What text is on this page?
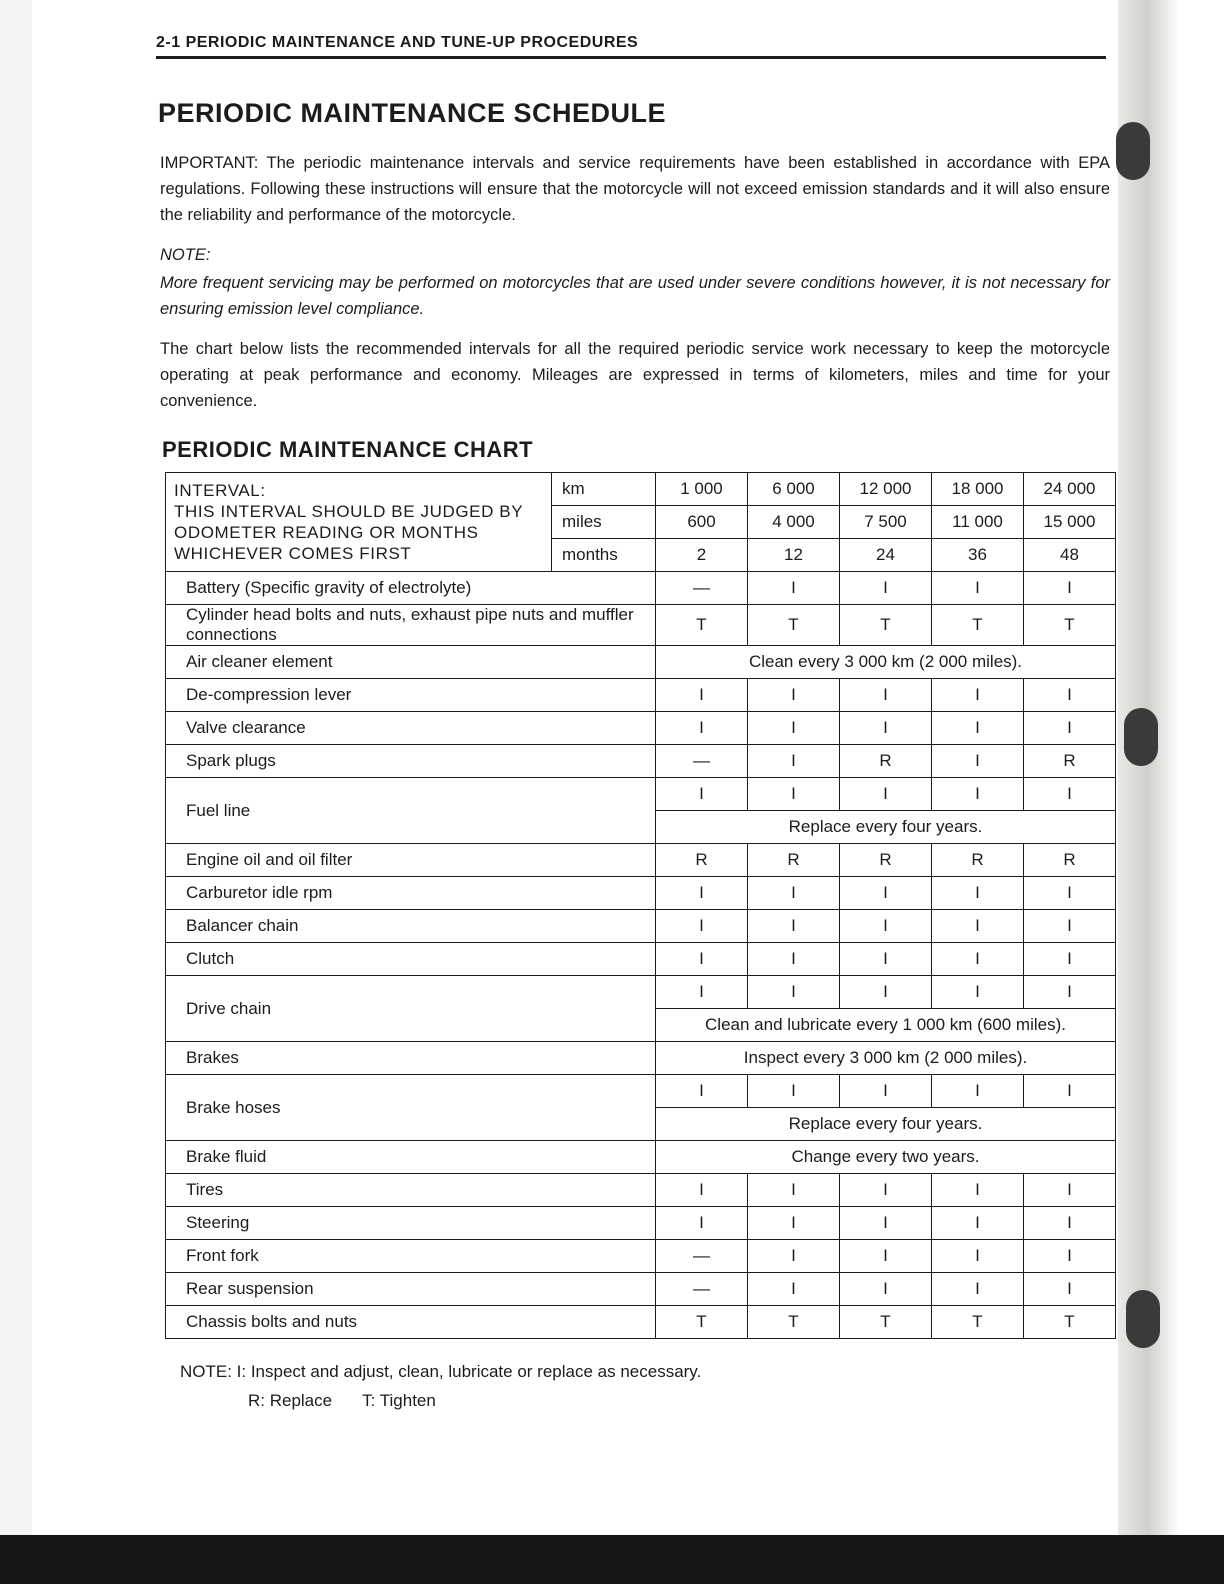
2-1 PERIODIC MAINTENANCE AND TUNE-UP PROCEDURES
PERIODIC MAINTENANCE SCHEDULE
IMPORTANT: The periodic maintenance intervals and service requirements have been established in accordance with EPA regulations. Following these instructions will ensure that the motorcycle will not exceed emission standards and it will also ensure the reliability and performance of the motorcycle.
NOTE:
More frequent servicing may be performed on motorcycles that are used under severe conditions however, it is not necessary for ensuring emission level compliance.
The chart below lists the recommended intervals for all the required periodic service work necessary to keep the motorcycle operating at peak performance and economy. Mileages are expressed in terms of kilometers, miles and time for your convenience.
PERIODIC MAINTENANCE CHART
INTERVAL:
THIS INTERVAL SHOULD BE JUDGED BY ODOMETER READING OR MONTHS WHICHEVER COMES FIRST	km	1 000	6 000	12 000	18 000	24 000
	miles	600	4 000	7 500	11 000	15 000
	months	2	12	24	36	48
Battery (Specific gravity of electrolyte)		—	I	I	I	I
Cylinder head bolts and nuts, exhaust pipe nuts and muffler connections		T	T	T	T	T
Air cleaner element		Clean every 3 000 km (2 000 miles).				
De-compression lever		I	I	I	I	I
Valve clearance		I	I	I	I	I
Spark plugs		—	I	R	I	R
Fuel line		I	I	I	I	I
		Replace every four years.				
Engine oil and oil filter		R	R	R	R	R
Carburetor idle rpm		I	I	I	I	I
Balancer chain		I	I	I	I	I
Clutch		I	I	I	I	I
Drive chain		I	I	I	I	I
		Clean and lubricate every 1 000 km (600 miles).				
Brakes		Inspect every 3 000 km (2 000 miles).				
Brake hoses		I	I	I	I	I
		Replace every four years.				
Brake fluid		Change every two years.				
Tires		I	I	I	I	I
Steering		I	I	I	I	I
Front fork		—	I	I	I	I
Rear suspension		—	I	I	I	I
Chassis bolts and nuts		T	T	T	T	T
NOTE: I: Inspect and adjust, clean, lubricate or replace as necessary.
R: Replace T: Tighten
